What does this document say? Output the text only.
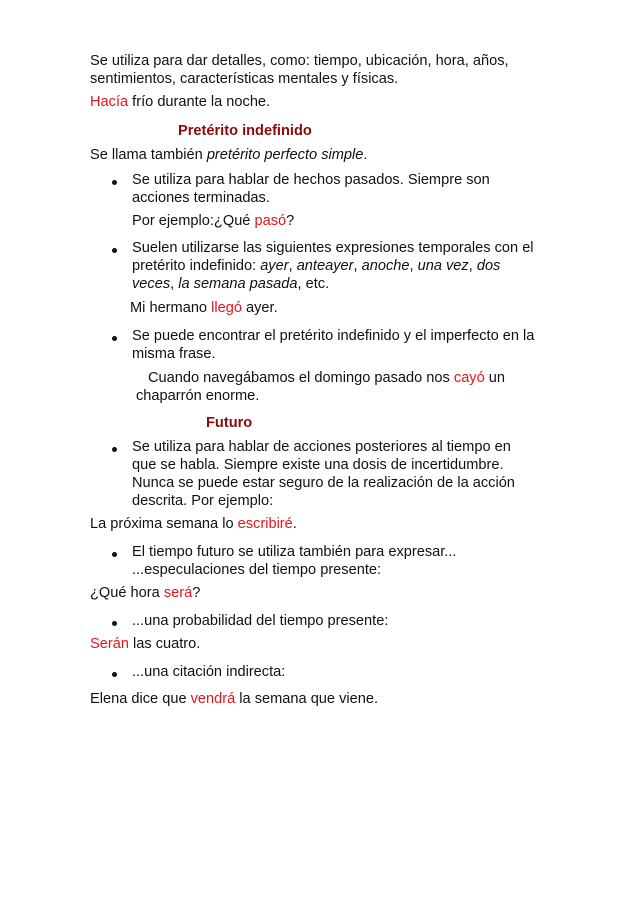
Se utiliza para dar detalles, como: tiempo, ubicación, hora, años,
sentimientos, características mentales y físicas.
Hacía frío durante la noche.
Pretérito indefinido
Se llama también pretérito perfecto simple.
Se utiliza para hablar de hechos pasados. Siempre son
acciones terminadas.
Por ejemplo:¿Qué pasó?
Suelen utilizarse las siguientes expresiones temporales con el
pretérito indefinido: ayer, anteayer, anoche, una vez, dos
veces, la semana pasada, etc.
Mi hermano llegó ayer.
Se puede encontrar el pretérito indefinido y el imperfecto en la
misma frase.
Cuando navegábamos el domingo pasado nos cayó un
chaparrón enorme.
Futuro
Se utiliza para hablar de acciones posteriores al tiempo en
que se habla. Siempre existe una dosis de incertidumbre.
Nunca se puede estar seguro de la realización de la acción
descrita. Por ejemplo:
La próxima semana lo escribiré.
El tiempo futuro se utiliza también para expresar...
...especulaciones del tiempo presente:
¿Qué hora será?
...una probabilidad del tiempo presente:
Serán las cuatro.
...una citación indirecta:
Elena dice que vendrá la semana que viene.
